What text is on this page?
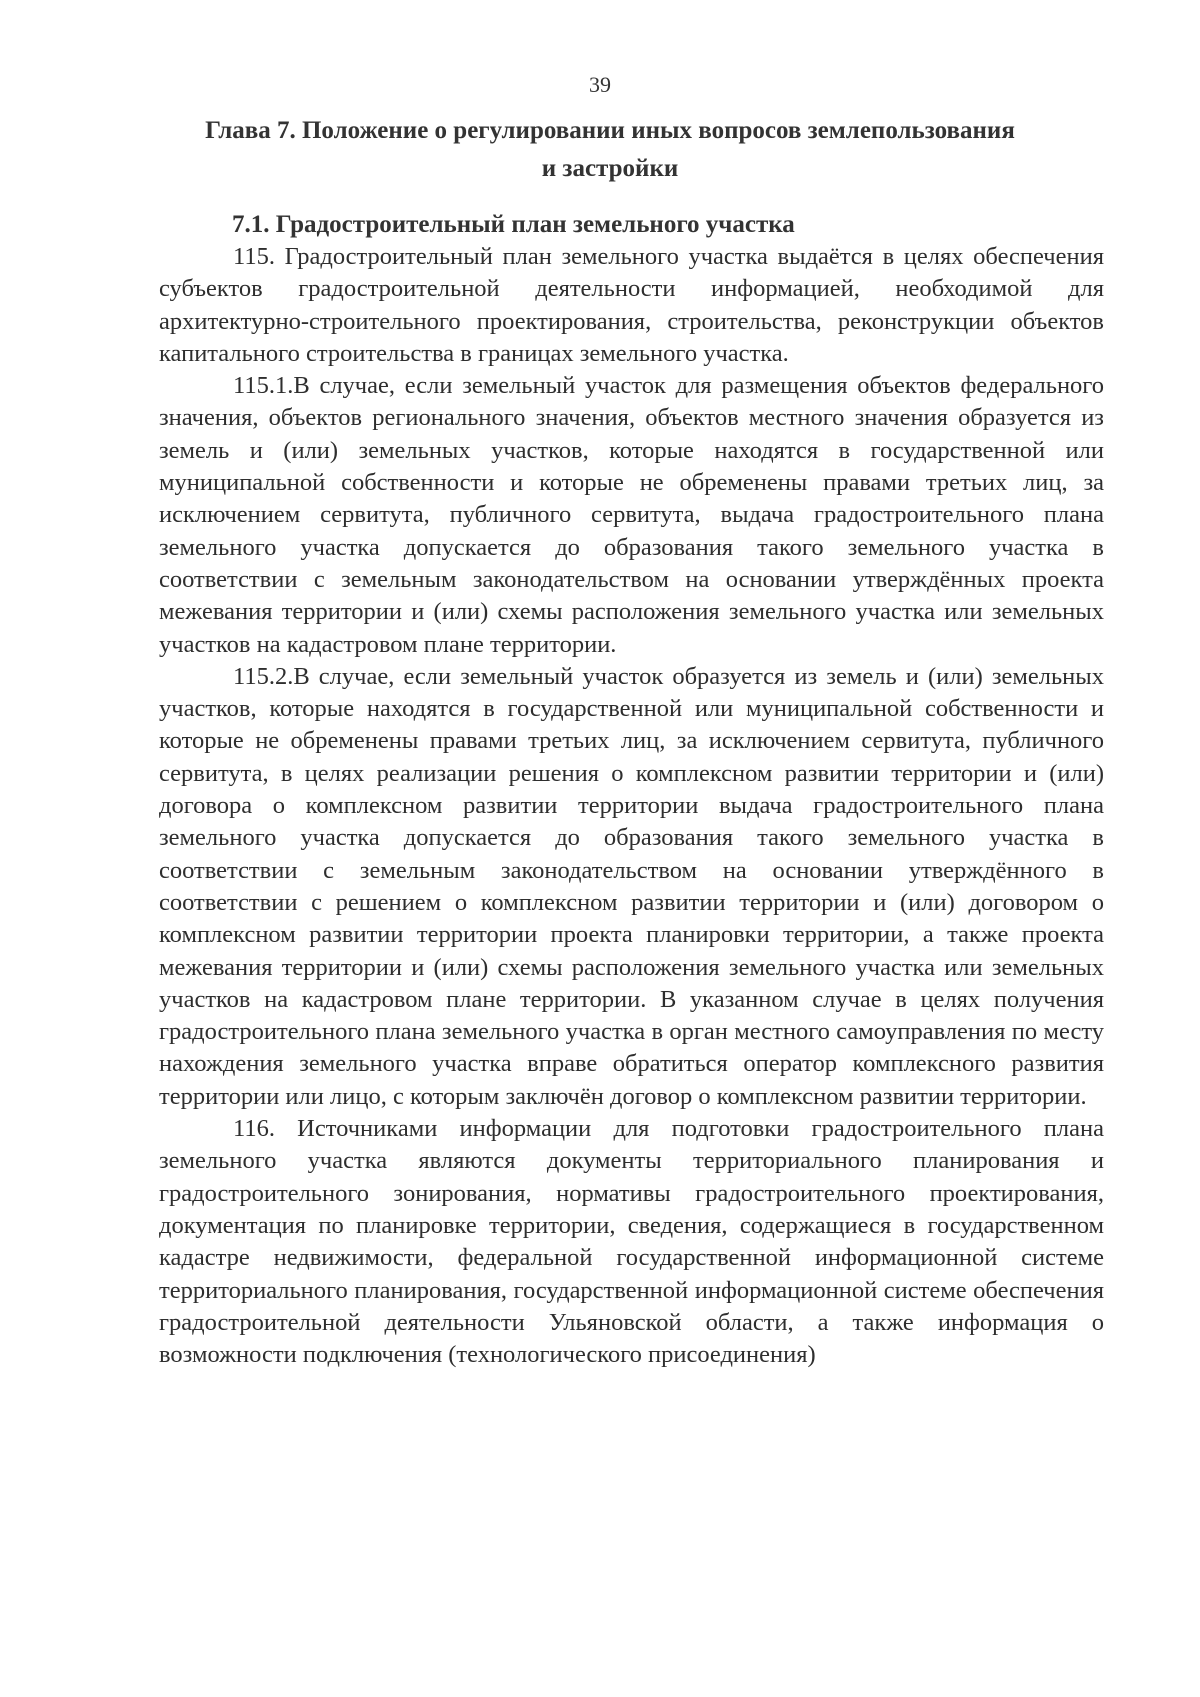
39
Глава 7. Положение о регулировании иных вопросов землепользования
и застройки
7.1. Градостроительный план земельного участка

115. Градостроительный план земельного участка выдаётся в целях обеспечения субъектов градостроительной деятельности информацией, необходимой для архитектурно-строительного проектирования, строительства, реконструкции объектов капитального строительства в границах земельного участка.

115.1.В случае, если земельный участок для размещения объектов федерального значения, объектов регионального значения, объектов местного значения образуется из земель и (или) земельных участков, которые находятся в государственной или муниципальной собственности и которые не обременены правами третьих лиц, за исключением сервитута, публичного сервитута, выдача градостроительного плана земельного участка допускается до образования такого земельного участка в соответствии с земельным законодательством на основании утверждённых проекта межевания территории и (или) схемы расположения земельного участка или земельных участков на кадастровом плане территории.

115.2.В случае, если земельный участок образуется из земель и (или) земельных участков, которые находятся в государственной или муниципальной собственности и которые не обременены правами третьих лиц, за исключением сервитута, публичного сервитута, в целях реализации решения о комплексном развитии территории и (или) договора о комплексном развитии территории выдача градостроительного плана земельного участка допускается до образования такого земельного участка в соответствии с земельным законодательством на основании утверждённого в соответствии с решением о комплексном развитии территории и (или) договором о комплексном развитии территории проекта планировки территории, а также проекта межевания территории и (или) схемы расположения земельного участка или земельных участков на кадастровом плане территории. В указанном случае в целях получения градостроительного плана земельного участка в орган местного самоуправления по месту нахождения земельного участка вправе обратиться оператор комплексного развития территории или лицо, с которым заключён договор о комплексном развитии территории.

116. Источниками информации для подготовки градостроительного плана земельного участка являются документы территориального планирования и градостроительного зонирования, нормативы градостроительного проектирования, документация по планировке территории, сведения, содержащиеся в государственном кадастре недвижимости, федеральной государственной информационной системе территориального планирования, государственной информационной системе обеспечения градостроительной деятельности Ульяновской области, а также информация о возможности подключения (технологического присоединения)
